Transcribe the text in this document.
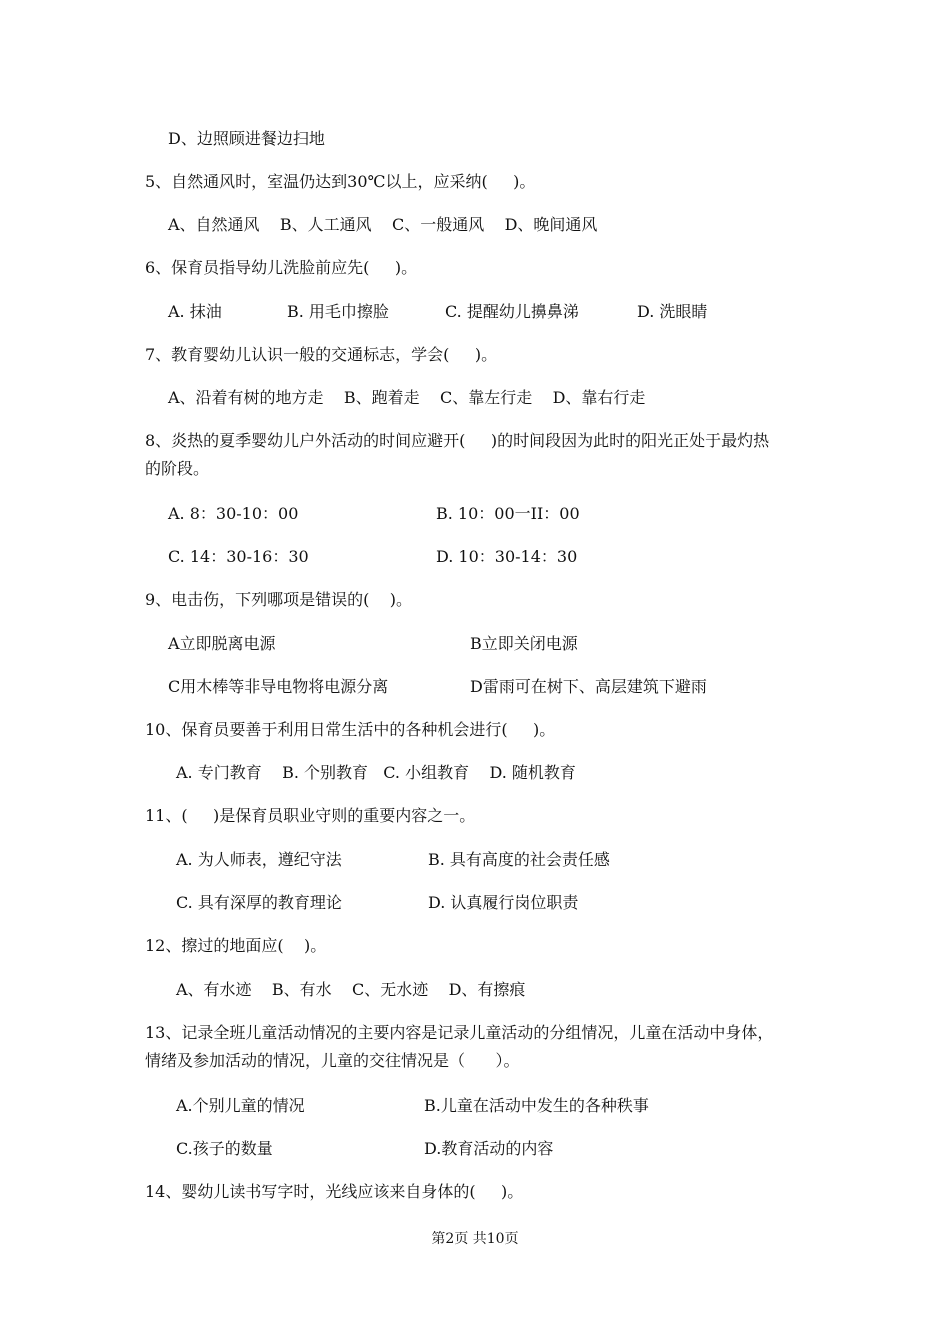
D、边照顾进餐边扫地
5、自然通风时，室温仍达到30℃以上，应采纳(     )。
A、自然通风    B、人工通风    C、一般通风    D、晚间通风
6、保育员指导幼儿洗脸前应先(     )。
A. 抹油	B. 用毛巾擦脸	C. 提醒幼儿擤鼻涕	D. 洗眼睛
7、教育婴幼儿认识一般的交通标志，学会(     )。
A、沿着有树的地方走    B、跑着走    C、靠左行走    D、靠右行走
8、炎热的夏季婴幼儿户外活动的时间应避开(     )的时间段因为此时的阳光正处于最灼热
的阶段。
A. 8：30-10：00	B. 10：00一II：00
C. 14：30-16：30	D. 10：30-14：30
9、电击伤，下列哪项是错误的(    )。
A立即脱离电源	B立即关闭电源
C用木棒等非导电物将电源分离	D雷雨可在树下、高层建筑下避雨
10、保育员要善于利用日常生活中的各种机会进行(     )。
A. 专门教育    B. 个别教育   C. 小组教育    D. 随机教育
11、(     )是保育员职业守则的重要内容之一。
A. 为人师表，遵纪守法	B. 具有高度的社会责任感
C. 具有深厚的教育理论	D. 认真履行岗位职责
12、擦过的地面应(    )。
A、有水迹    B、有水    C、无水迹    D、有擦痕
13、记录全班儿童活动情况的主要内容是记录儿童活动的分组情况，儿童在活动中身体，
情绪及参加活动的情况，儿童的交往情况是（      ）。
A.个别儿童的情况	B.儿童在活动中发生的各种秩事
C.孩子的数量	D.教育活动的内容
14、婴幼儿读书写字时，光线应该来自身体的(     )。
第2页 共10页
